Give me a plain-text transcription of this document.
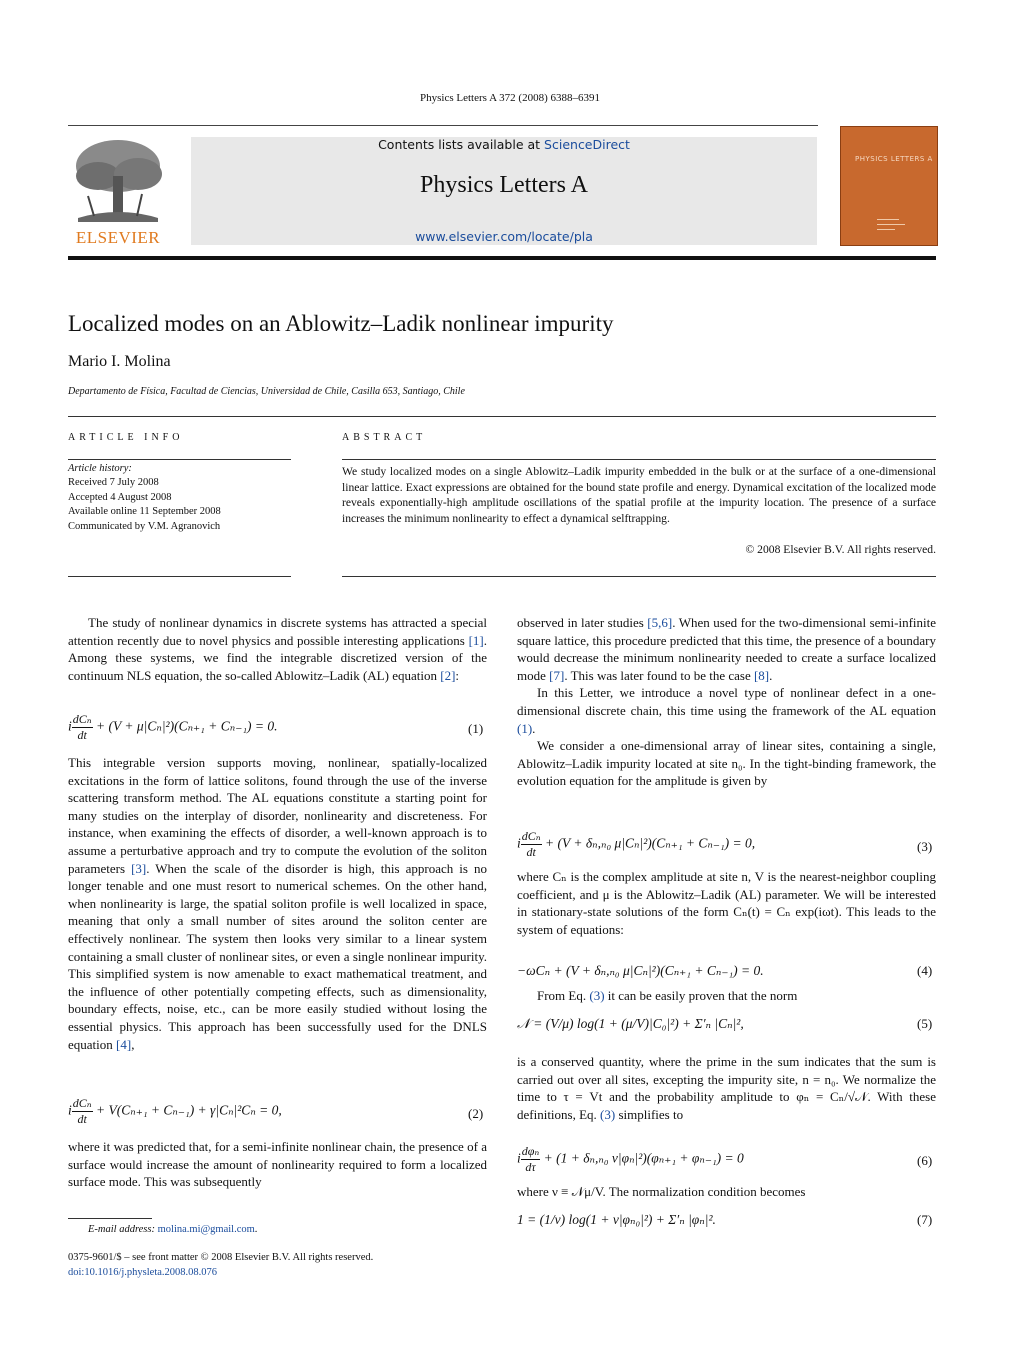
Physics Letters A 372 (2008) 6388–6391
ELSEVIER
Contents lists available at ScienceDirect
Physics Letters A
www.elsevier.com/locate/pla
PHYSICS LETTERS A
Localized modes on an Ablowitz–Ladik nonlinear impurity
Mario I. Molina
Departamento de Física, Facultad de Ciencias, Universidad de Chile, Casilla 653, Santiago, Chile
ARTICLE INFO
Article history:
Received 7 July 2008
Accepted 4 August 2008
Available online 11 September 2008
Communicated by V.M. Agranovich
ABSTRACT
We study localized modes on a single Ablowitz–Ladik impurity embedded in the bulk or at the surface of a one-dimensional linear lattice. Exact expressions are obtained for the bound state profile and energy. Dynamical excitation of the localized mode reveals exponentially-high amplitude oscillations of the spatial profile at the impurity location. The presence of a surface increases the minimum nonlinearity to effect a dynamical selftrapping.
© 2008 Elsevier B.V. All rights reserved.

The study of nonlinear dynamics in discrete systems has attracted a special attention recently due to novel physics and possible interesting applications [1]. Among these systems, we find the integrable discretized version of the continuum NLS equation, the so-called Ablowitz–Ladik (AL) equation [2]:

i $\frac{\text{dCₙ}}{dt} + (V + \mu|C_n|^2)(C_{n+1} + C_{n-1}) = 0$.	(1)

This integrable version supports moving, nonlinear, spatially-localized excitations in the form of lattice solitons, found through the use of the inverse scattering transform method. The AL equations constitute a starting point for many studies on the interplay of disorder, nonlinearity and discreteness. For instance, when examining the effects of disorder, a well-known approach is to assume a perturbative approach and try to compute the evolution of the soliton parameters [3]. When the scale of the disorder is high, this approach is no longer tenable and one must resort to numerical schemes. On the other hand, when nonlinearity is large, the spatial soliton profile is well localized in space, meaning that only a small number of sites around the soliton center are effectively nonlinear. The system then looks very similar to a linear system containing a small cluster of nonlinear sites, or even a single nonlinear impurity. This simplified system is now amenable to exact mathematical treatment, and the influence of other potentially competing effects, such as dimensionality, boundary effects, noise, etc., can be more easily studied without losing the essential physics. This approach has been successfully used for the DNLS equation [4],

i $\frac{\text{dCₙ}}{dt} + V(C_{n+1} + C_{n-1}) + \gamma|C_n|^2C_n = 0$,	(2)

where it was predicted that, for a semi-infinite nonlinear chain, the presence of a surface would increase the amount of nonlinearity required to form a localized surface mode. This was subsequently

observed in later studies [5,6]. When used for the two-dimensional semi-infinite square lattice, this procedure predicted that this time, the presence of a boundary would decrease the minimum nonlinearity needed to create a surface localized mode [7]. This was later found to be the case [8].

In this Letter, we introduce a novel type of nonlinear defect in a one-dimensional discrete chain, this time using the framework of the AL equation (1).

We consider a one-dimensional array of linear sites, containing a single, Ablowitz–Ladik impurity located at site n₀. In the tight-binding framework, the evolution equation for the amplitude is given by

i $\frac{\text{dCₙ}}{dt} + (V + \delta_n,_{n0}$ μ|Cₙ|²)(Cₙ₊₁ + Cₙ₋₁) = 0,	(3)

where Cₙ is the complex amplitude at site n, V is the nearest-neighbor coupling coefficient, and μ is the Ablowitz–Ladik (AL) parameter. We will be interested in stationary-state solutions of the form Cₙ(t) = Cₙ exp(iωt). This leads to the system of equations:

−ωCₙ + (V + δₙ,ₙ₀ μ|Cₙ|²)(Cₙ₊₁ + Cₙ₋₁) = 0.	(4)

From Eq. (3) it can be easily proven that the norm

𝒩 = (V/μ) log(1 + (μ/V)|C₀|²) + Σ′ₙ |Cₙ|²,	(5)

is a conserved quantity, where the prime in the sum indicates that the sum is carried out over all sites, excepting the impurity site, n = n₀. We normalize the time to τ = Vt and the probability amplitude to φₙ = Cₙ/√𝒩. With these definitions, Eq. (3) simplifies to

i $\frac{\text{dφₙ}}{d\tau} + (1 + \delta_n,_{n0}$ ν|φₙ|²)(φₙ₊₁ + φₙ₋₁) = 0	(6)

where ν ≡ 𝒩μ/V. The normalization condition becomes

1 = (1/ν) log(1 + ν|φₙ₀|²) + Σ′ₙ |φₙ|².	(7)
E-mail address: molina.mi@gmail.com.
0375-9601/$ – see front matter © 2008 Elsevier B.V. All rights reserved.
doi:10.1016/j.physleta.2008.08.076
